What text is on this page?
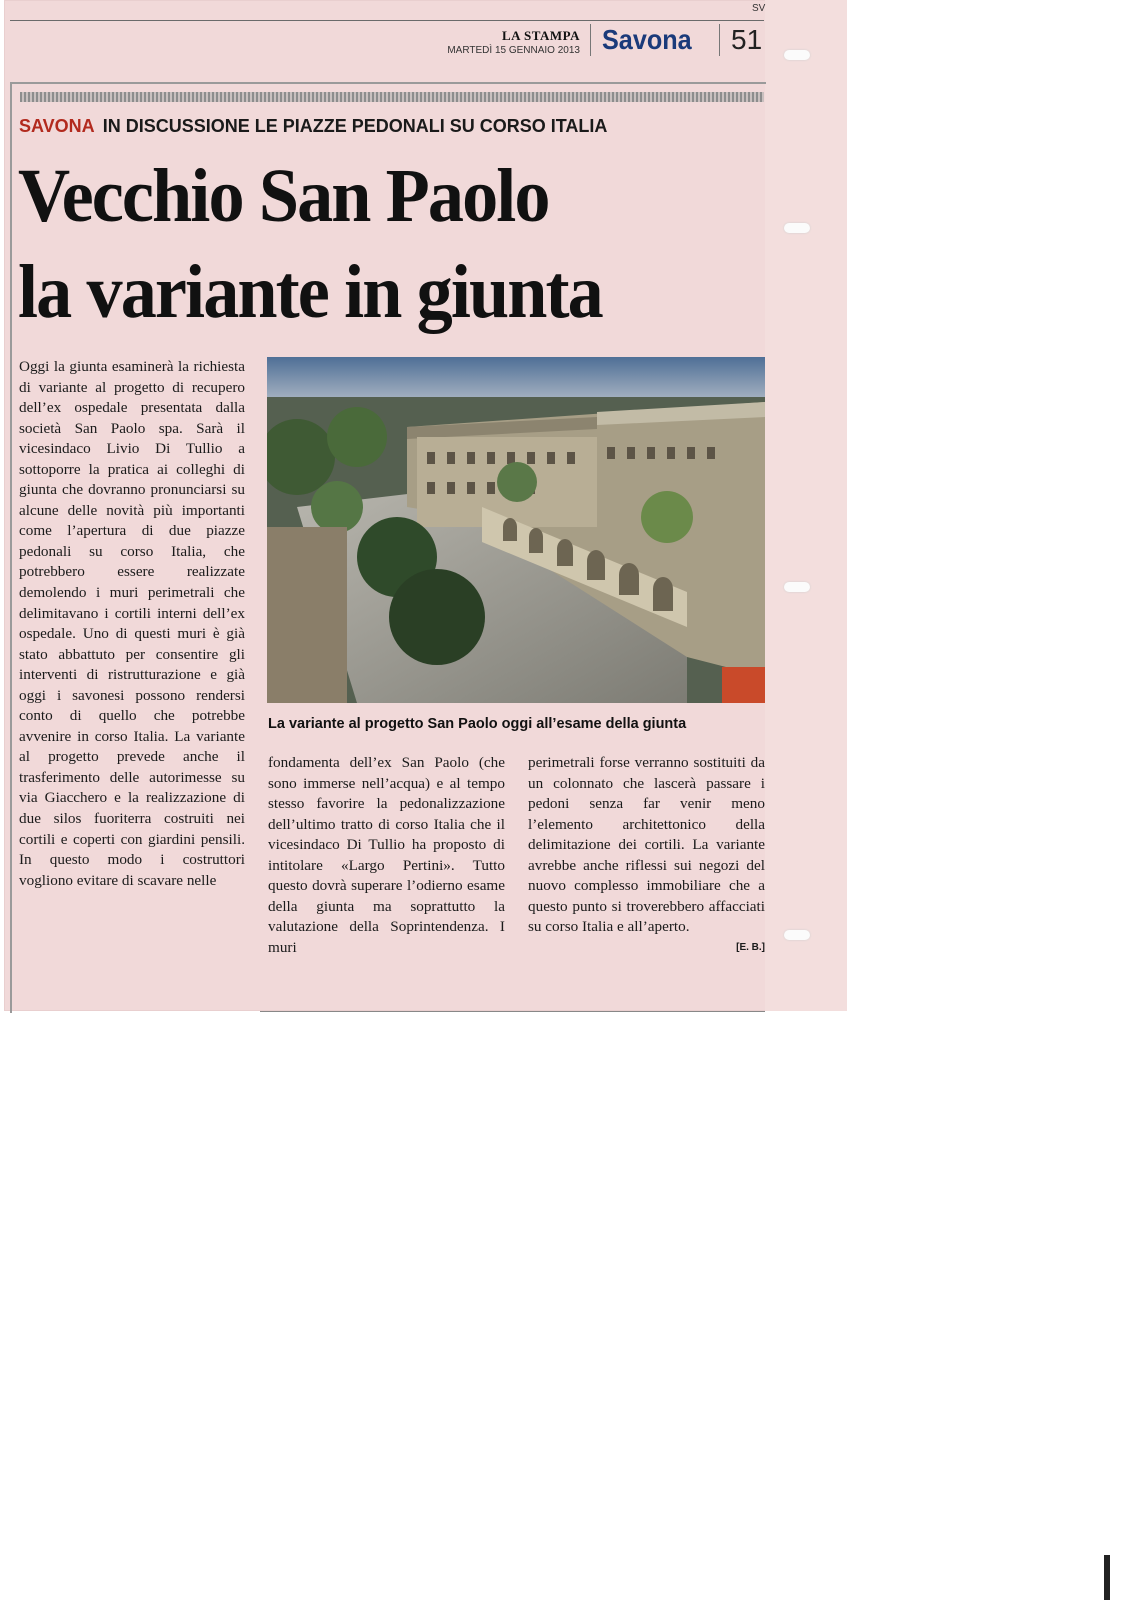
SV
LA STAMPA
MARTEDÌ 15 GENNAIO 2013 Savona 51
SAVONA IN DISCUSSIONE LE PIAZZE PEDONALI SU CORSO ITALIA
Vecchio San Paolo
la variante in giunta
La variante al progetto San Paolo oggi all’esame della giunta

Oggi la giunta esaminerà la richiesta di variante al progetto di recupero dell’ex ospedale presentata dalla società San Paolo spa. Sarà il vicesindaco Livio Di Tullio a sottoporre la pratica ai colleghi di giunta che dovranno pronunciarsi su alcune delle novità più importanti come l’apertura di due piazze pedonali su corso Italia, che potrebbero essere realizzate demolendo i muri perimetrali che delimitavano i cortili interni dell’ex ospedale. Uno di questi muri è già stato abbattuto per consentire gli interventi di ristrutturazione e già oggi i savonesi possono rendersi conto di quello che potrebbe avvenire in corso Italia. La variante al progetto prevede anche il trasferimento delle autorimesse su via Giacchero e la realizzazione di due silos fuoriterra costruiti nei cortili e coperti con giardini pensili. In questo modo i costruttori vogliono evitare di scavare nelle

fondamenta dell’ex San Paolo (che sono immerse nell’acqua) e al tempo stesso favorire la pedonalizzazione dell’ultimo tratto di corso Italia che il vicesindaco Di Tullio ha proposto di intitolare «Largo Pertini». Tutto questo dovrà superare l’odierno esame della giunta ma soprattutto la valutazione della Soprintendenza. I muri

perimetrali forse verranno sostituiti da un colonnato che lascerà passare i pedoni senza far venir meno l’elemento architettonico della delimitazione dei cortili. La variante avrebbe anche riflessi sui negozi del nuovo complesso immobiliare che a questo punto si troverebbero affacciati su corso Italia e all’aperto.

[E. B.]
